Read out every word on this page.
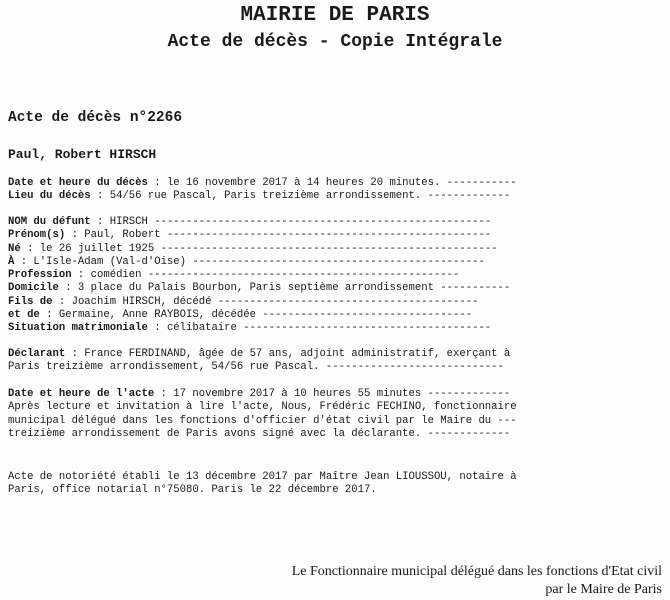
MAIRIE DE PARIS
Acte de décès - Copie Intégrale
Acte de décès n°2266
Paul, Robert HIRSCH
Date et heure du décès : le 16 novembre 2017 à 14 heures 20 minutes. -----------
Lieu du décès : 54/56 rue Pascal, Paris treizième arrondissement. -------------
NOM du défunt : HIRSCH -----------------------------------------------------
Prénom(s) : Paul, Robert ---------------------------------------------------
Né : le 26 juillet 1925 -----------------------------------------------------
À : L'Isle-Adam (Val-d'Oise) ----------------------------------------------
Profession : comédien -------------------------------------------------
Domicile : 3 place du Palais Bourbon, Paris septième arrondissement -----------
Fils de : Joachim HIRSCH, décédé -----------------------------------------
et de : Germaine, Anne RAYBOIS, décédée ---------------------------------
Situation matrimoniale : célibataire ---------------------------------------
Déclarant : France FERDINAND, âgée de 57 ans, adjoint administratif, exerçant à
Paris treizième arrondissement, 54/56 rue Pascal. ----------------------------
Date et heure de l'acte : 17 novembre 2017 à 10 heures 55 minutes -------------
Après lecture et invitation à lire l'acte, Nous, Frédéric FECHINO, fonctionnaire
municipal délégué dans les fonctions d'officier d'état civil par le Maire du ---
treizième arrondissement de Paris avons signé avec la déclarante. -------------
Acte de notoriété établi le 13 décembre 2017 par Maître Jean LIOUSSOU, notaire à
Paris, office notarial n°75080. Paris le 22 décembre 2017.
Le Fonctionnaire municipal délégué dans les fonctions d'Etat civil
par le Maire de Paris
